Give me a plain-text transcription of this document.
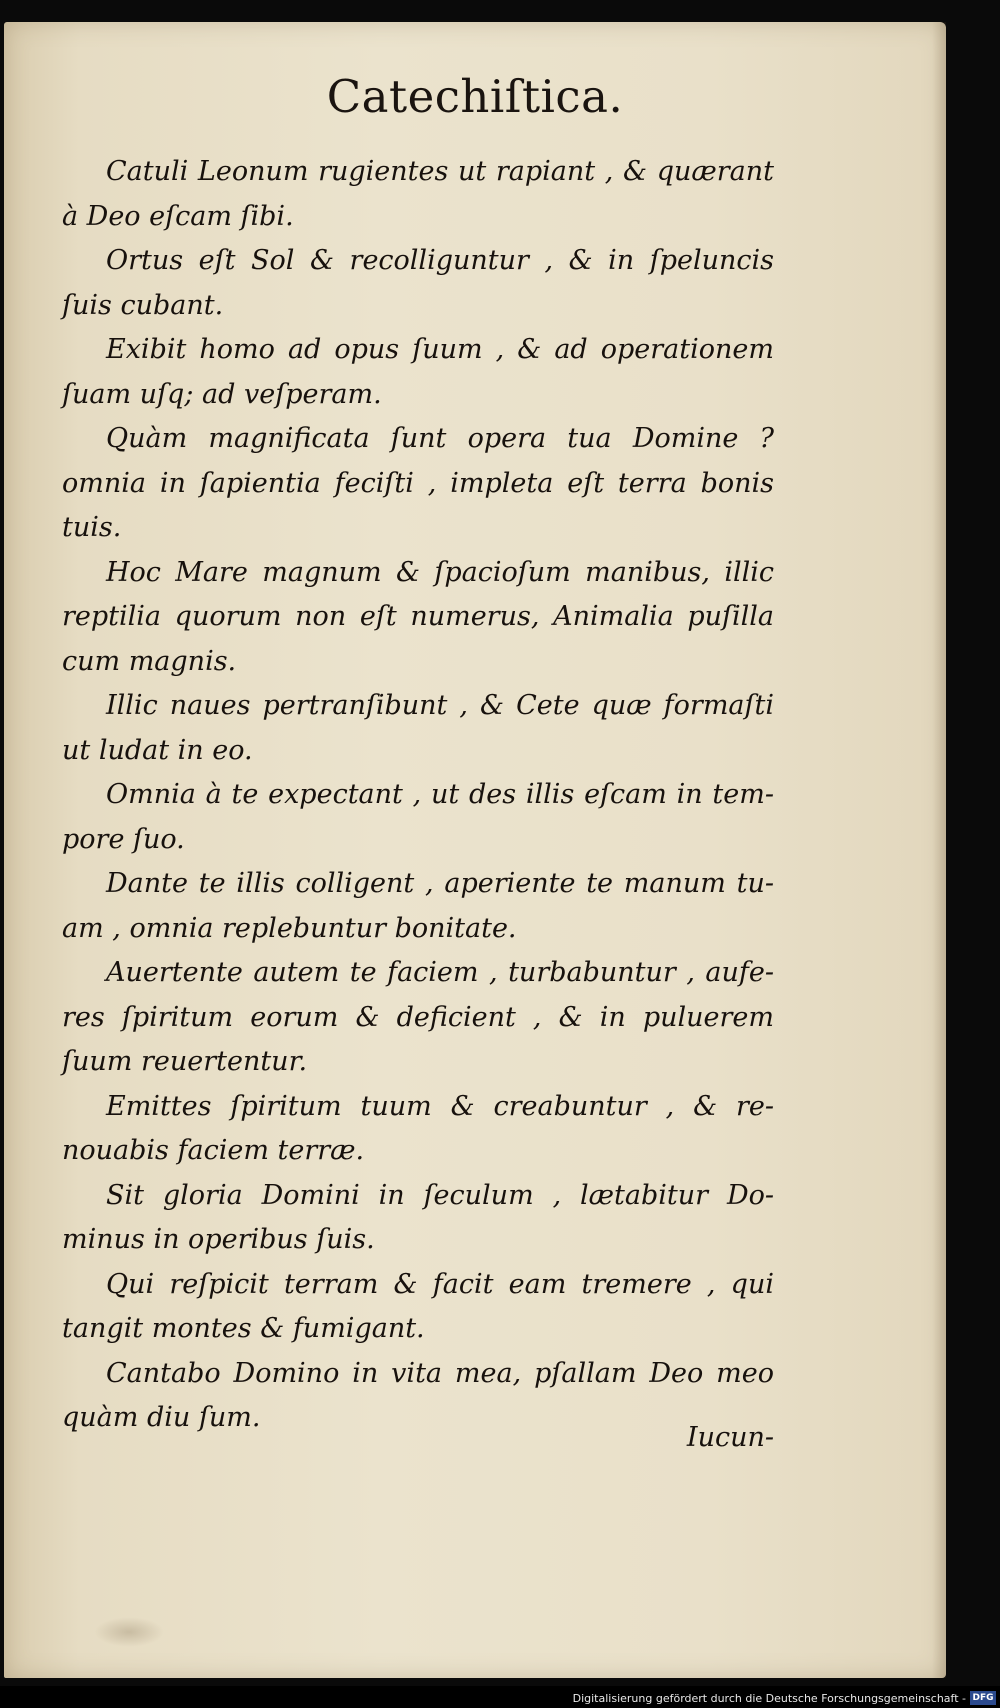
Catechiſtica.

Catuli Leonum rugientes ut rapiant , & quærant à Deo eſcam ſibi.

Ortus eſt Sol & recolliguntur , & in ſpeluncis ſuis cubant.

Exibit homo ad opus ſuum , & ad operationem ſuam uſq; ad veſperam.

Quàm magnificata ſunt opera tua Domine ? omnia in ſapientia feciſti , impleta eſt terra bonis tuis.

Hoc Mare magnum & ſpacioſum manibus, illic reptilia quorum non eſt numerus, Animalia puſilla cum magnis.

Illic naues pertranſibunt , & Cete quæ formaſti ut ludat in eo.

Omnia à te expectant , ut des illis eſcam in tempore ſuo.

Dante te illis colligent , aperiente te manum tuam , omnia replebuntur bonitate.

Auertente autem te faciem , turbabuntur , auferes ſpiritum eorum & deficient , & in puluerem ſuum reuertentur.

Emittes ſpiritum tuum & creabuntur , & renouabis faciem terræ.

Sit gloria Domini in ſeculum , lætabitur Dominus in operibus ſuis.

Qui reſpicit terram & facit eam tremere , qui tangit montes & fumigant.

Cantabo Domino in vita mea, pſallam Deo meo quàm diu ſum.

Iucun-
Digitalisierung gefördert durch die Deutsche Forschungsgemeinschaft - DFG
